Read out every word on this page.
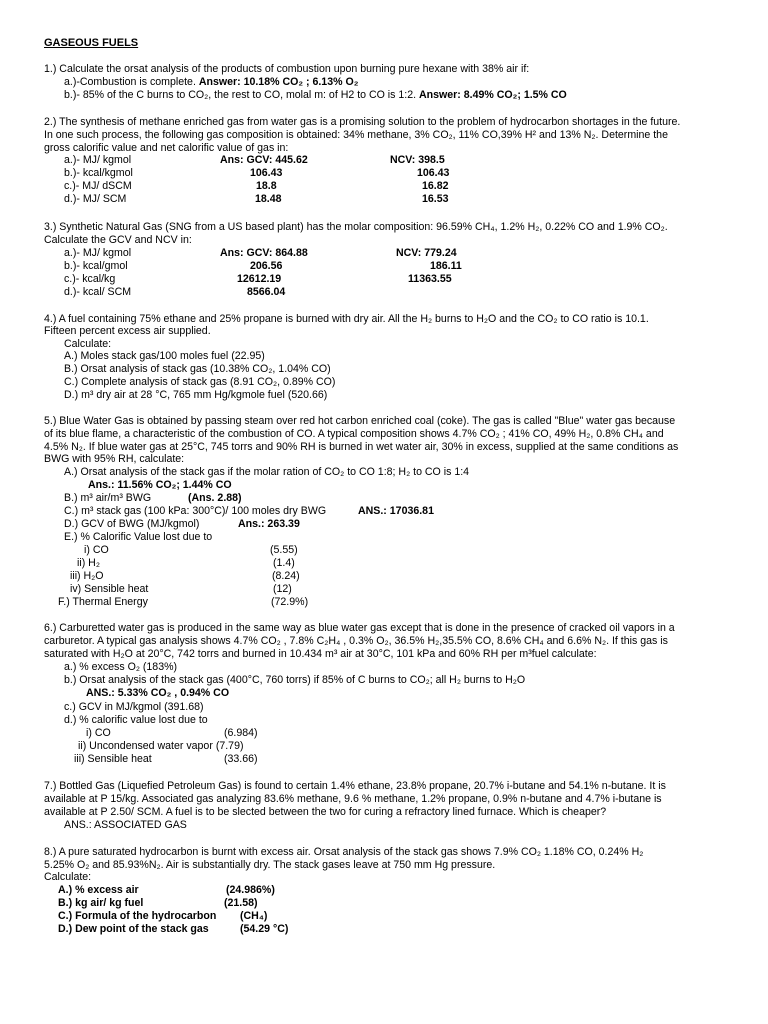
GASEOUS FUELS
1.) Calculate the orsat analysis of the products of combustion upon burning pure hexane with 38% air if:
a.)-Combustion is complete. Answer: 10.18% CO₂ ; 6.13% O₂
b.)- 85% of the C burns to CO₂, the rest to CO, molal m: of H2 to CO is 1:2. Answer: 8.49% CO₂; 1.5% CO
2.) The synthesis of methane enriched gas from water gas is a promising solution to the problem of hydrocarbon shortages in the future.
In one such process, the following gas composition is obtained: 34% methane, 3% CO₂, 11% CO,39% H² and 13% N₂. Determine the
gross calorific value and net calorific value of gas in:
a.)- MJ/ kgmol	Ans: GCV: 445.62	NCV: 398.5
b.)- kcal/kgmol	106.43	106.43
c.)- MJ/ dSCM	18.8	16.82
d.)- MJ/ SCM	18.48	16.53
3.) Synthetic Natural Gas (SNG from a US based plant) has the molar composition: 96.59% CH₄, 1.2% H₂, 0.22% CO and 1.9% CO₂.
Calculate the GCV and NCV in:
a.)- MJ/ kgmol	Ans: GCV: 864.88	NCV: 779.24
b.)- kcal/gmol	206.56	186.11
c.)- kcal/kg	12612.19	11363.55
d.)- kcal/ SCM	8566.04
4.) A fuel containing 75% ethane and 25% propane is burned with dry air. All the H₂ burns to H₂O and the CO₂ to CO ratio is 10.1.
Fifteen percent excess air supplied.
Calculate:
A.) Moles stack gas/100 moles fuel (22.95)
B.) Orsat analysis of stack gas (10.38% CO₂, 1.04% CO)
C.) Complete analysis of stack gas (8.91 CO₂, 0.89% CO)
D.) m³ dry air at 28 °C, 765 mm Hg/kgmole fuel (520.66)
5.) Blue Water Gas is obtained by passing steam over red hot carbon enriched coal (coke). The gas is called "Blue" water gas because
of its blue flame, a characteristic of the combustion of CO. A typical composition shows 4.7% CO₂ ; 41% CO, 49% H₂, 0.8% CH₄ and
4.5% N₂. If blue water gas at 25°C, 745 torrs and 90% RH is burned in wet water air, 30% in excess, supplied at the same conditions as
BWG with 95% RH, calculate:
A.) Orsat analysis of the stack gas if the molar ration of CO₂ to CO 1:8; H₂ to CO is 1:4
Ans.: 11.56% CO₂; 1.44% CO
B.) m³ air/m³ BWG	(Ans. 2.88)
C.) m³ stack gas (100 kPa: 300°C)/ 100 moles dry BWG	ANS.: 17036.81
D.) GCV of BWG (MJ/kgmol)	Ans.: 263.39
E.) % Calorific Value lost due to
i) CO	(5.55)
ii) H₂	(1.4)
iii) H₂O	(8.24)
iv) Sensible heat	(12)
F.) Thermal Energy	(72.9%)
6.) Carburetted water gas is produced in the same way as blue water gas except that is done in the presence of cracked oil vapors in a
carburetor. A typical gas analysis shows 4.7% CO₂ , 7.8% C₂H₄ , 0.3% O₂, 36.5% H₂,35.5% CO, 8.6% CH₄ and 6.6% N₂. If this gas is
saturated with H₂O at 20°C, 742 torrs and burned in 10.434 m³ air at 30°C, 101 kPa and 60% RH per m³fuel calculate:
a.) % excess O₂ (183%)
b.) Orsat analysis of the stack gas (400°C, 760 torrs) if 85% of C burns to CO₂; all H₂ burns to H₂O
ANS.: 5.33% CO₂ , 0.94% CO
c.) GCV in MJ/kgmol (391.68)
d.) % calorific value lost due to
i) CO	(6.984)
ii) Uncondensed water vapor (7.79)
iii) Sensible heat	(33.66)
7.) Bottled Gas (Liquefied Petroleum Gas) is found to certain 1.4% ethane, 23.8% propane, 20.7% i-butane and 54.1% n-butane. It is
available at P 15/kg. Associated gas analyzing 83.6% methane, 9.6 % methane, 1.2% propane, 0.9% n-butane and 4.7% i-butane is
available at P 2.50/ SCM. A fuel is to be slected between the two for curing a refractory lined furnace. Which is cheaper?
ANS.: ASSOCIATED GAS
8.) A pure saturated hydrocarbon is burnt with excess air. Orsat analysis of the stack gas shows 7.9% CO₂ 1.18% CO, 0.24% H₂
5.25% O₂ and 85.93%N₂. Air is substantially dry. The stack gases leave at 750 mm Hg pressure.
Calculate:
A.) % excess air	(24.986%)
B.) kg air/ kg fuel	(21.58)
C.) Formula of the hydrocarbon (CH₄)
D.) Dew point of the stack gas	(54.29 °C)
